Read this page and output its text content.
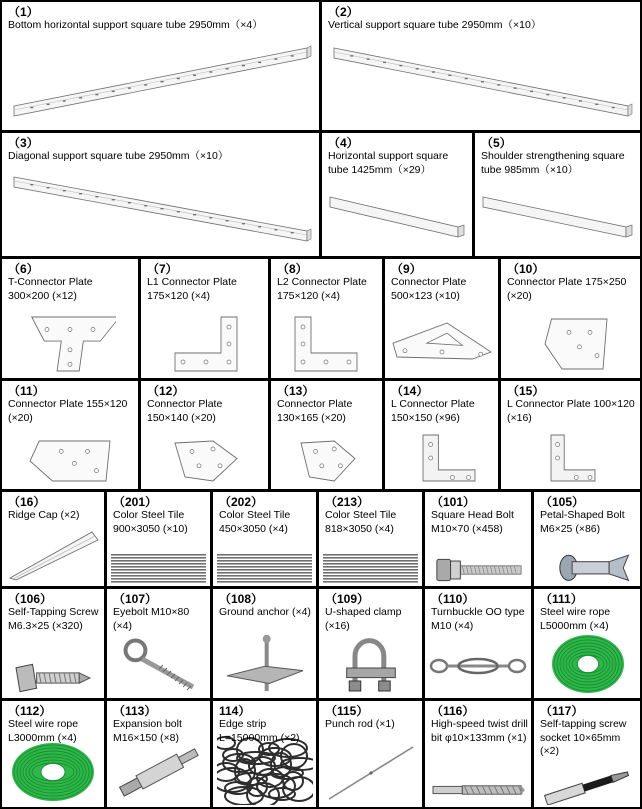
（1）
Bottom horizontal support square tube 2950mm（×4）
（2）
Vertical support square tube 2950mm（×10）
（3）
Diagonal support square tube 2950mm（×10）
（4）
Horizontal support square tube 1425mm（×29）
（5）
Shoulder strengthening square tube 985mm（×10）
（6）
T-Connector Plate 300×200 (×12)
（7）
L1 Connector Plate 175×120 (×4)
（8）
L2 Connector Plate 175×120 (×4)
（9）
Connector Plate 500×123 (×10)
（10）
Connector Plate 175×250 (×20)
（11）
Connector Plate 155×120 (×20)
（12）
Connector Plate 150×140 (×20)
（13）
Connector Plate 130×165 (×20)
（14）
L Connector Plate 150×150 (×96)
（15）
L Connector Plate 100×120 (×16)
（16）
Ridge Cap (×2)
（201）
Color Steel Tile 900×3050 (×10)
（202）
Color Steel Tile 450×3050 (×4)
（213）
Color Steel Tile 818×3050 (×4)
（101）
Square Head Bolt M10×70 (×458)
（105）
Petal-Shaped Bolt M6×25 (×86)
（106）
Self-Tapping Screw M6.3×25 (×320)
（107）
Eyebolt M10×80 (×4)
（108）
Ground anchor (×4)
（109）
U-shaped clamp (×16)
（110）
Turnbuckle OO type M10 (×4)
（111）
Steel wire rope L5000mm (×4)
（112）
Steel wire rope L3000mm (×4)
（113）
Expansion bolt M16×150 (×8)
114）
Edge strip L=15000mm (×2)
（115）
Punch rod (×1)
（116）
High-speed twist drill bit φ10×133mm (×1)
（117）
Self-tapping screw socket 10×65mm (×2)
